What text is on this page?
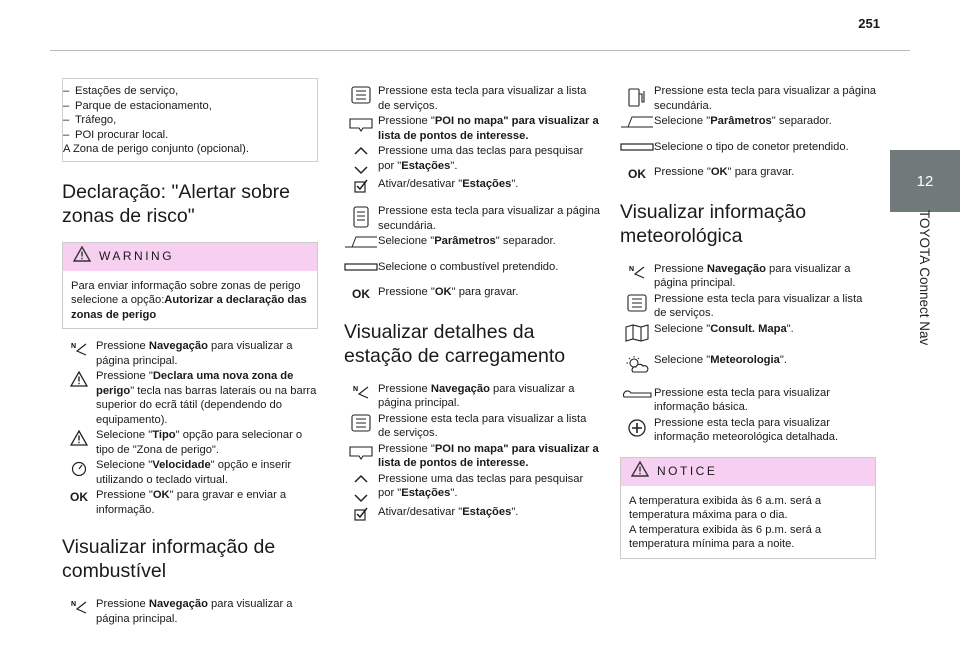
251
12
TOYOTA Connect Nav
– Estações de serviço,
– Parque de estacionamento,
– Tráfego,
– POI procurar local.
A Zona de perigo conjunto (opcional).
Declaração: "Alertar sobre zonas de risco"
WARNING
Para enviar informação sobre zonas de perigo selecione a opção:Autorizar a declaração das zonas de perigo
N Pressione Navegação para visualizar a página principal.
Pressione "Declara uma nova zona de perigo" tecla nas barras laterais ou na barra superior do ecrã tátil (dependendo do equipamento).
Selecione "Tipo" opção para selecionar o tipo de "Zona de perigo".
Selecione "Velocidade" opção e inserir utilizando o teclado virtual.
OK Pressione "OK" para gravar e enviar a informação.
Visualizar informação de combustível
N Pressione Navegação para visualizar a página principal.
Pressione esta tecla para visualizar a lista de serviços.
Pressione "POI no mapa" para visualizar a lista de pontos de interesse.
Pressione uma das teclas para pesquisar por "Estações".
Ativar/desativar "Estações".
Pressione esta tecla para visualizar a página secundária.
Selecione "Parâmetros" separador.
Selecione o combustível pretendido.
OK Pressione "OK" para gravar.
Visualizar detalhes da estação de carregamento
N Pressione Navegação para visualizar a página principal.
Pressione esta tecla para visualizar a lista de serviços.
Pressione "POI no mapa" para visualizar a lista de pontos de interesse.
Pressione uma das teclas para pesquisar por "Estações".
Ativar/desativar "Estações".
Pressione esta tecla para visualizar a página secundária.
Selecione "Parâmetros" separador.
Selecione o tipo de conetor pretendido.
OK Pressione "OK" para gravar.
Visualizar informação meteorológica
N Pressione Navegação para visualizar a página principal.
Pressione esta tecla para visualizar a lista de serviços.
Selecione "Consult. Mapa".
Selecione "Meteorologia".
Pressione esta tecla para visualizar informação básica.
Pressione esta tecla para visualizar informação meteorológica detalhada.
NOTICE
A temperatura exibida às 6 a.m. será a temperatura máxima para o dia.
A temperatura exibida às 6 p.m. será a temperatura mínima para a noite.
